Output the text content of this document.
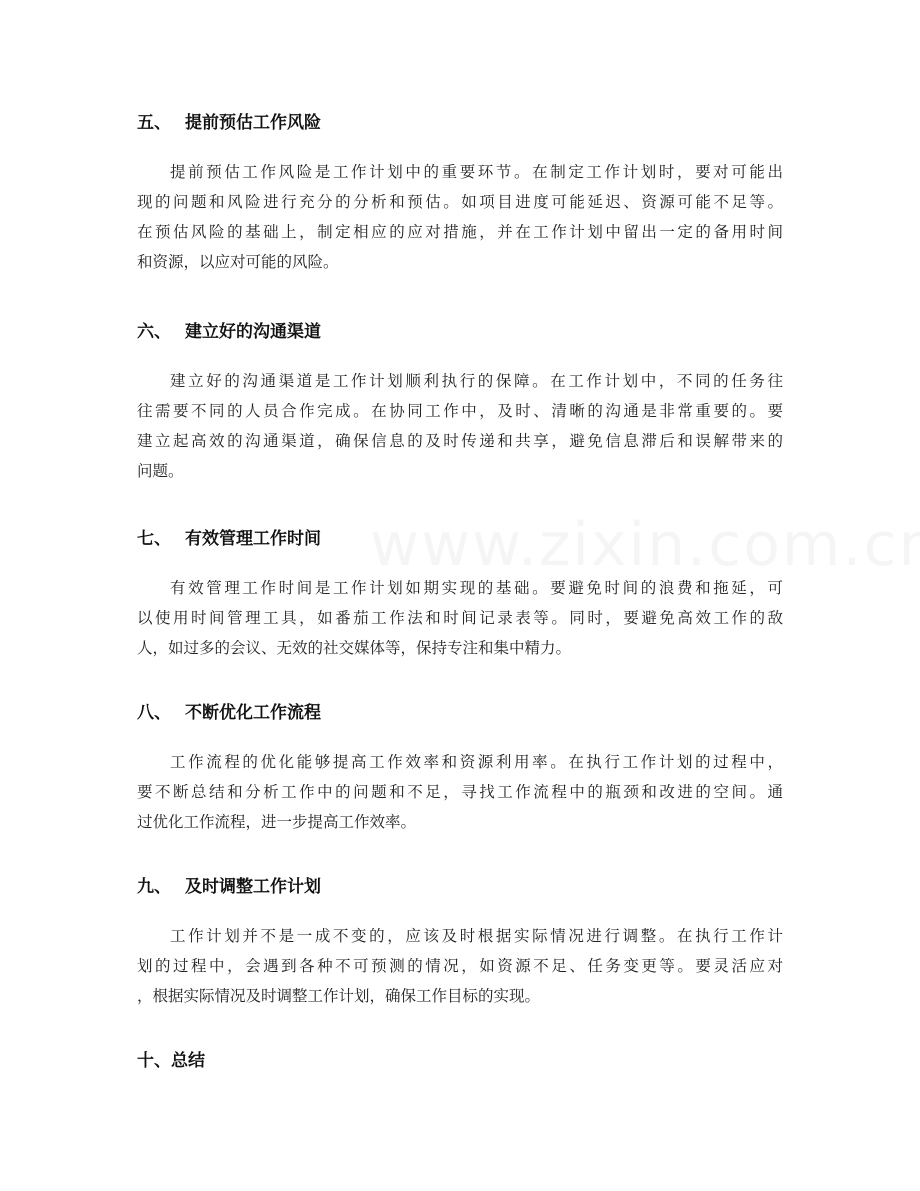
五、 提前预估工作风险
提前预估工作风险是工作计划中的重要环节。在制定工作计划时，要对可能出
现的问题和风险进行充分的分析和预估。如项目进度可能延迟、资源可能不足等。
在预估风险的基础上，制定相应的应对措施，并在工作计划中留出一定的备用时间
和资源，以应对可能的风险。
六、 建立好的沟通渠道
建立好的沟通渠道是工作计划顺利执行的保障。在工作计划中，不同的任务往
往需要不同的人员合作完成。在协同工作中，及时、清晰的沟通是非常重要的。要
建立起高效的沟通渠道，确保信息的及时传递和共享，避免信息滞后和误解带来的
问题。
七、 有效管理工作时间
有效管理工作时间是工作计划如期实现的基础。要避免时间的浪费和拖延，可
以使用时间管理工具，如番茄工作法和时间记录表等。同时，要避免高效工作的敌
人，如过多的会议、无效的社交媒体等，保持专注和集中精力。
八、 不断优化工作流程
工作流程的优化能够提高工作效率和资源利用率。在执行工作计划的过程中，
要不断总结和分析工作中的问题和不足，寻找工作流程中的瓶颈和改进的空间。通
过优化工作流程，进一步提高工作效率。
九、 及时调整工作计划
工作计划并不是一成不变的，应该及时根据实际情况进行调整。在执行工作计
划的过程中，会遇到各种不可预测的情况，如资源不足、任务变更等。要灵活应对
，根据实际情况及时调整工作计划，确保工作目标的实现。
十、总结
